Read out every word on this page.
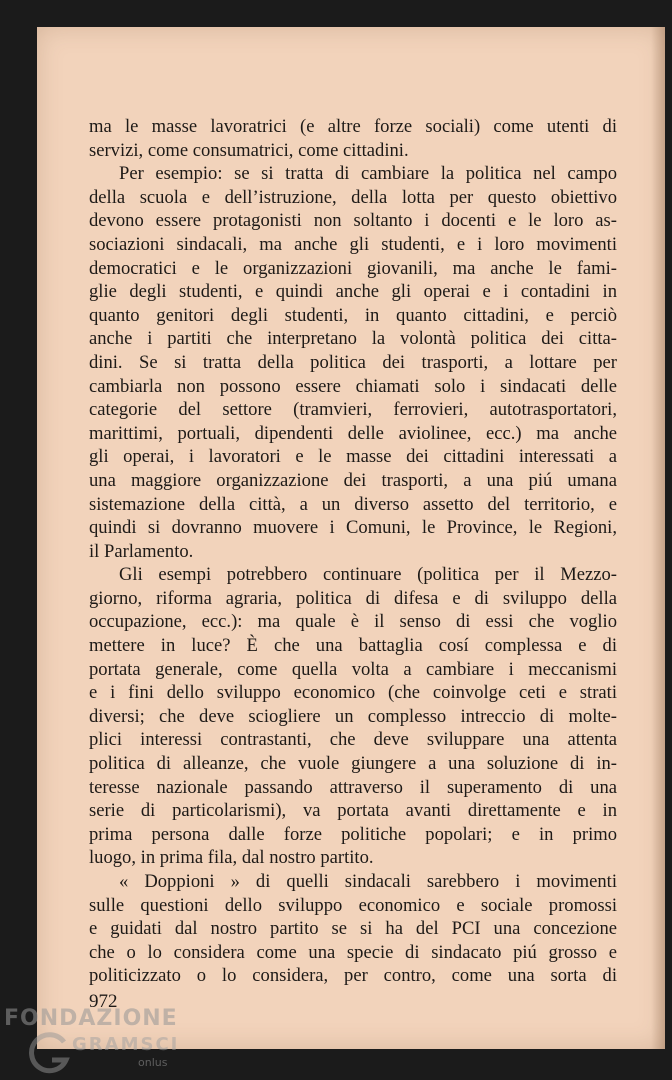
ma le masse lavoratrici (e altre forze sociali) come utenti di
servizi, come consumatrici, come cittadini.
Per esempio: se si tratta di cambiare la politica nel campo
della scuola e dell’istruzione, della lotta per questo obiettivo
devono essere protagonisti non soltanto i docenti e le loro as-
sociazioni sindacali, ma anche gli studenti, e i loro movimenti
democratici e le organizzazioni giovanili, ma anche le fami-
glie degli studenti, e quindi anche gli operai e i contadini in
quanto genitori degli studenti, in quanto cittadini, e perciò
anche i partiti che interpretano la volontà politica dei citta-
dini. Se si tratta della politica dei trasporti, a lottare per
cambiarla non possono essere chiamati solo i sindacati delle
categorie del settore (tramvieri, ferrovieri, autotrasportatori,
marittimi, portuali, dipendenti delle aviolinee, ecc.) ma anche
gli operai, i lavoratori e le masse dei cittadini interessati a
una maggiore organizzazione dei trasporti, a una piú umana
sistemazione della città, a un diverso assetto del territorio, e
quindi si dovranno muovere i Comuni, le Province, le Regioni,
il Parlamento.
Gli esempi potrebbero continuare (politica per il Mezzo-
giorno, riforma agraria, politica di difesa e di sviluppo della
occupazione, ecc.): ma quale è il senso di essi che voglio
mettere in luce? È che una battaglia cosí complessa e di
portata generale, come quella volta a cambiare i meccanismi
e i fini dello sviluppo economico (che coinvolge ceti e strati
diversi; che deve sciogliere un complesso intreccio di molte-
plici interessi contrastanti, che deve sviluppare una attenta
politica di alleanze, che vuole giungere a una soluzione di in-
teresse nazionale passando attraverso il superamento di una
serie di particolarismi), va portata avanti direttamente e in
prima persona dalle forze politiche popolari; e in primo
luogo, in prima fila, dal nostro partito.
« Doppioni » di quelli sindacali sarebbero i movimenti
sulle questioni dello sviluppo economico e sociale promossi
e guidati dal nostro partito se si ha del PCI una concezione
che o lo considera come una specie di sindacato piú grosso e
politicizzato o lo considera, per contro, come una sorta di
972
FONDAZIONE
GRAMSCI
onlus
